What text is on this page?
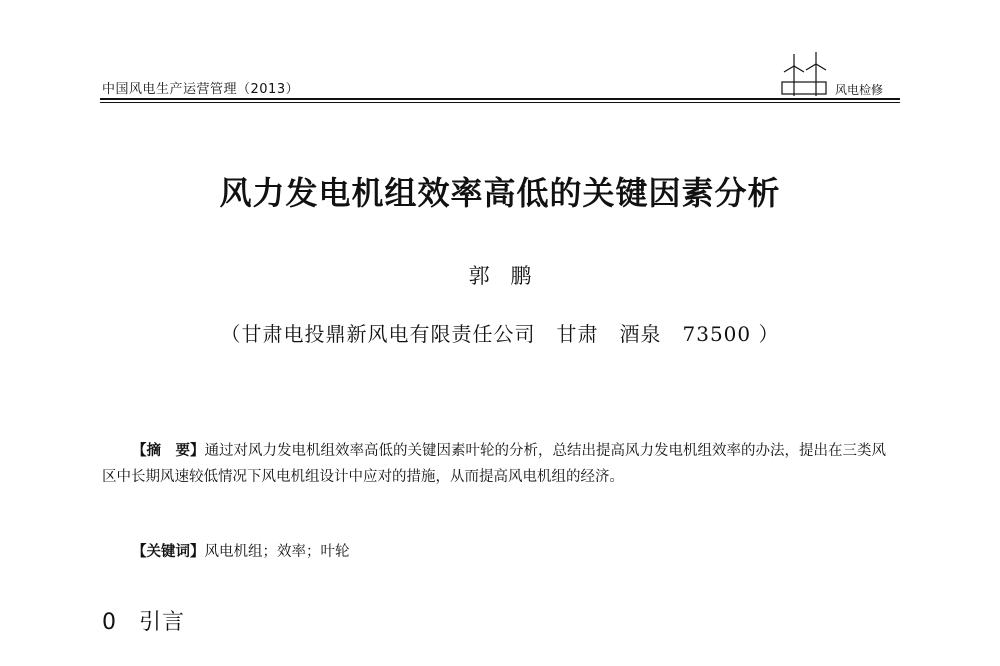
中国风电生产运营管理（2013）	风电检修
风力发电机组效率高低的关键因素分析
郭 鹏
（甘肃电投鼎新风电有限责任公司　甘肃　酒泉　73500 ）
【摘　要】通过对风力发电机组效率高低的关键因素叶轮的分析，总结出提高风力发电机组效率的办法，提出在三类风区中长期风速较低情况下风电机组设计中应对的措施，从而提高风电机组的经济。
【关键词】风电机组；效率；叶轮
0 引言
